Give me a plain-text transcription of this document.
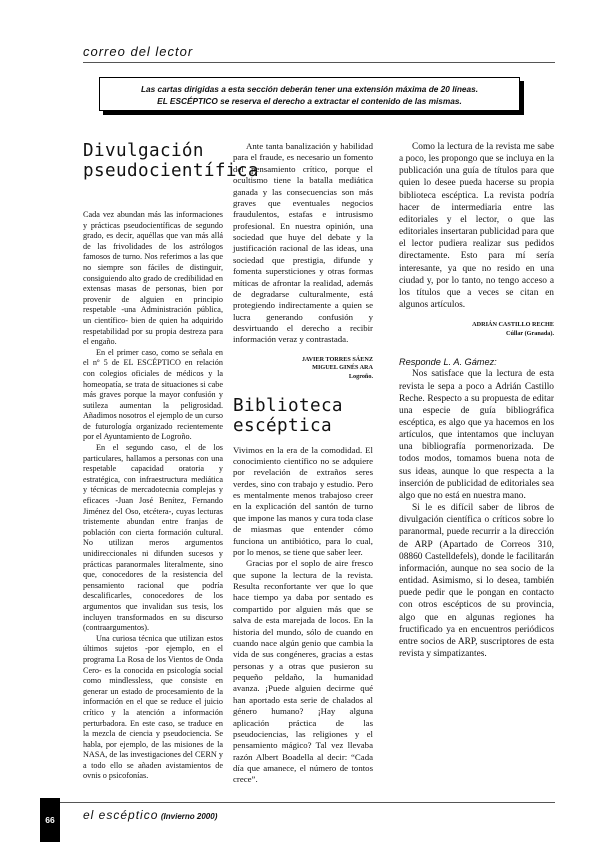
correo del lector
Las cartas dirigidas a esta sección deberán tener una extensión máxima de 20 líneas.
EL ESCÉPTICO se reserva el derecho a extractar el contenido de las mismas.
Divulgación
pseudocientífica

Cada vez abundan más las informaciones y prácticas pseudocientíficas de segundo grado, es decir, aquéllas que van más allá de las frivolidades de los astrólogos famosos de turno. Nos referimos a las que no siempre son fáciles de distinguir, consiguiendo alto grado de credibilidad en extensas masas de personas, bien por provenir de alguien en principio respetable -una Administración pública, un científico- bien de quien ha adquirido respetabilidad por su propia destreza para el engaño.

En el primer caso, como se señala en el nº 5 de EL ESCÉPTICO en relación con colegios oficiales de médicos y la homeopatía, se trata de situaciones si cabe más graves porque la mayor confusión y sutileza aumentan la peligrosidad. Añadimos nosotros el ejemplo de un curso de futurología organizado recientemente por el Ayuntamiento de Logroño.

En el segundo caso, el de los particulares, hallamos a personas con una respetable capacidad oratoria y estratégica, con infraestructura mediática y técnicas de mercadotecnia complejas y eficaces -Juan José Benítez, Fernando Jiménez del Oso, etcétera-, cuyas lecturas tristemente abundan entre franjas de población con cierta formación cultural. No utilizan meros argumentos unidireccionales ni difunden sucesos y prácticas paranormales literalmente, sino que, conocedores de la resistencia del pensamiento racional que podría descalificarles, conocedores de los argumentos que invalidan sus tesis, los incluyen transformados en su discurso (contraargumentos).

Una curiosa técnica que utilizan estos últimos sujetos -por ejemplo, en el programa La Rosa de los Vientos de Onda Cero- es la conocida en psicología social como mindlessless, que consiste en generar un estado de procesamiento de la información en el que se reduce el juicio crítico y la atención a información perturbadora. En este caso, se traduce en la mezcla de ciencia y pseudociencia. Se habla, por ejemplo, de las misiones de la NASA, de las investigaciones del CERN y a todo ello se añaden avistamientos de ovnis o psicofonías.

Ante tanta banalización y habilidad para el fraude, es necesario un fomento del pensamiento crítico, porque el ocultismo tiene la batalla mediática ganada y las consecuencias son más graves que eventuales negocios fraudulentos, estafas e intrusismo profesional. En nuestra opinión, una sociedad que huye del debate y la justificación racional de las ideas, una sociedad que prestigia, difunde y fomenta supersticiones y otras formas míticas de afrontar la realidad, además de degradarse culturalmente, está protegiendo indirectamente a quien se lucra generando confusión y desvirtuando el derecho a recibir información veraz y contrastada.

JAVIER TORRES SÁENZ
MIGUEL GINÉS ARA
Logroño.
Biblioteca
escéptica

Vivimos en la era de la comodidad. El conocimiento científico no se adquiere por revelación de extraños seres verdes, sino con trabajo y estudio. Pero es mentalmente menos trabajoso creer en la explicación del santón de turno que impone las manos y cura toda clase de miasmas que entender cómo funciona un antibiótico, para lo cual, por lo menos, se tiene que saber leer.

Gracias por el soplo de aire fresco que supone la lectura de la revista. Resulta reconfortante ver que lo que hace tiempo ya daba por sentado es compartido por alguien más que se salva de esta marejada de locos. En la historia del mundo, sólo de cuando en cuando nace algún genio que cambia la vida de sus congéneres, gracias a estas personas y a otras que pusieron su pequeño peldaño, la humanidad avanza. ¡Puede alguien decirme qué han aportado esta serie de chalados al género humano? ¡Hay alguna aplicación práctica de las pseudociencias, las religiones y el pensamiento mágico? Tal vez llevaba razón Albert Boadella al decir: “Cada día que amanece, el número de tontos crece”.

Como la lectura de la revista me sabe a poco, les propongo que se incluya en la publicación una guía de títulos para que quien lo desee pueda hacerse su propia biblioteca escéptica. La revista podría hacer de intermediaria entre las editoriales y el lector, o que las editoriales insertaran publicidad para que el lector pudiera realizar sus pedidos directamente. Esto para mí sería interesante, ya que no resido en una ciudad y, por lo tanto, no tengo acceso a los títulos que a veces se citan en algunos artículos.

ADRIÁN CASTILLO RECHE
Cúllar (Granada).
Responde L. A. Gámez:

Nos satisface que la lectura de esta revista le sepa a poco a Adrián Castillo Reche. Respecto a su propuesta de editar una especie de guía bibliográfica escéptica, es algo que ya hacemos en los artículos, que intentamos que incluyan una bibliografía pormenorizada. De todos modos, tomamos buena nota de sus ideas, aunque lo que respecta a la inserción de publicidad de editoriales sea algo que no está en nuestra mano.

Si le es difícil saber de libros de divulgación científica o críticos sobre lo paranormal, puede recurrir a la dirección de ARP (Apartado de Correos 310, 08860 Castelldefels), donde le facilitarán información, aunque no sea socio de la entidad. Asimismo, si lo desea, también puede pedir que le pongan en contacto con otros escépticos de su provincia, algo que en algunas regiones ha fructificado ya en encuentros periódicos entre socios de ARP, suscriptores de esta revista y simpatizantes.

66	el escéptico (Invierno 2000)
